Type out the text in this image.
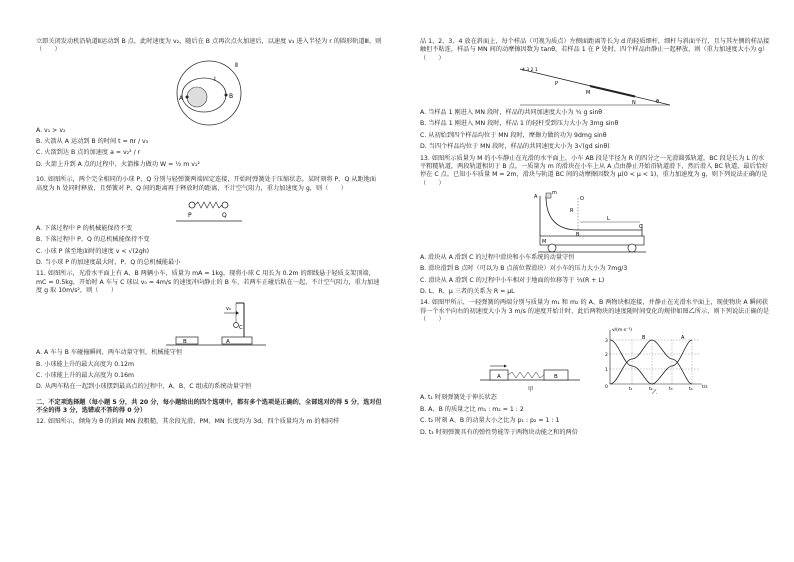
立即关闭发动机沿轨道Ⅱ运动到 B 点，此时速度为 v₂，随后在 B 点再次点火加速后，以速度 v₃ 进入半径为 r 的圆形轨道Ⅲ，则（　　）

Ⅱ
Ⅰ
A	B

A. v₁ > v₂

B. 火箭从 A 运动到 B 的时间 t = πr / v₃

C. 火箭到达 B 点的加速度 a = v₂² / r

D. 火箭上升到 A 点的过程中，火箭推力做功 W = ½ m v₁²

10. 如图所示，两个完全相同的小球 P、Q 分别与轻弹簧两端固定连接，开始时弹簧处于压缩状态。某时刻将 P、Q 从距地面高度为 h 处同时释放，且弹簧对 P、Q 间的距离再于释放时的距离，不计空气阻力，重力加速度为 g，则（　　）

P	Q

A. 下落过程中 P 的机械能保持不变

B. 下落过程中 P、Q 的总机械能保持不变

C. 小球 P 落至地面时的速度 v < √(2gh)

D. 当小球 P 的加速度最大时，P、Q 的总机械能最小

11. 如图所示，光滑水平面上有 A、B 两辆小车，质量为 mA = 1kg，现将小球 C 用长为 0.2m 的细线悬于轻质支架顶端，mC = 0.5kg，开始时 A 车与 C 球以 v₀ = 4m/s 的速度冲向静止的 B 车，若两车正碰后粘在一起，不计空气阻力，重力加速度 g 取 10m/s²，则（　　）

v₀
B	A
C

A. A 车与 B 车碰撞瞬间，两车动量守恒，机械能守恒

B. 小球能上升的最大高度为 0.12m

C. 小球能上升的最大高度为 0.16m

D. 从两车粘在一起到小球摆到最高点的过程中，A、B、C 组成的系统动量守恒

二、不定项选择题（每小题 5 分，共 20 分，每小题给出的四个选项中，都有多个选项是正确的，全部选对的得 5 分，选对但不全的得 3 分，选错或不答的得 0 分）

12. 如图所示，倾角为 θ 的斜面 MN 段粗糙，其余段光滑，PM、MN 长度均为 3d，四个质量均为 m 的相同样

品 1、2、3、4 放在斜面上，每个样品（可视为质点）左侧面距离等长为 d 的轻质细杆，细杆与斜面平行，且与其左侧的样品接触但不粘连，样品与 MN 间的动摩擦因数为 tanθ，若样品 1 在 P 处时，四个样品由静止一起释放，则（重力加速度大小为 g）（　　）

4 3 2 1
P
M
N	θ

A. 当样品 1 刚进入 MN 段时，样品的共同加速度大小为 ¾ g sinθ

B. 当样品 1 刚进入 MN 段时，样品 1 的轻杆受到压力大小为 3mg sinθ

C. 从初始到四个样品均位于 MN 段时，摩擦力做的功为 9dmg sinθ

D. 当四个样品均位于 MN 段时，样品的共同速度大小为 3√(gd sinθ)

13. 如图所示质量为 M 的小车静止在光滑的水平面上，小车 AB 段是半径为 R 的四分之一光滑圆弧轨道，BC 段是长为 L 的水平粗糙轨道，两段轨道相切于 B 点。一质量为 m 的滑块在小车上从 A 点由静止开始沿轨道滑下，然后滑入 BC 轨道，最后恰好停在 C 点。已知小车质量 M = 2m，滑块与轨道 BC 间的动摩擦因数为 μ(0 < μ < 1)，重力加速度为 g，则下列说法正确的是（　　）

A
m
R
O
B
C
L
M

A. 滑块从 A 滑到 C 的过程中滑块和小车系统的动量守恒

B. 滑块滑到 B 点时（可以为 B 点前位置滑块）对小车的压力大小为 7mg/3

C. 滑块从 A 滑到 C 的过程中小车相对于地面的位移等于 ⅔(R + L)

D. L、R、μ 三者的关系为 R = μL

14. 如图甲所示，一轻弹簧的两端分别与质量为 m₁ 和 m₂ 的 A、B 两物块相连接，并静止在光滑水平面上，现使物块 A 瞬间获得一个水平向右的初速度大小为 3 m/s 的速度开始计时，此后两物块的速度随时间变化的规律如图乙所示，则下列说法正确的是（　　）

A	B
甲
v/(m·s⁻¹)
3
2
1
0	t/s
t₁	t₂	t₃	t₄
B	A
乙

A. t₁ 时刻弹簧处于伸长状态

B. A、B 的质量之比 m₁ : m₂ = 1 : 2

C. t₂ 时刻 A、B 的动量大小之比为 p₁ : p₂ = 1 : 1

D. t₃ 时刻弹簧具有的弹性势能等于两物块动能之和的两倍
